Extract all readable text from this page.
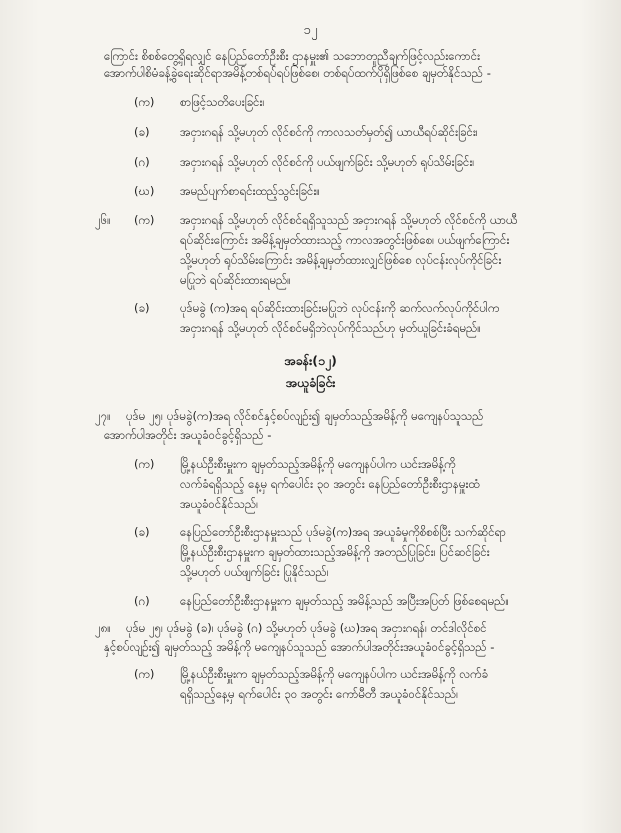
၁၂
ကြောင်း စိစစ်တွေ့ရှိရလျှင် နေပြည်တော်ဦးစီး ဌာနမှူး၏ သဘောတူညီချက်ဖြင့်လည်းကောင်း
အောက်ပါစိမံခန့်ခွဲရေးဆိုင်ရာအမိန့်တစ်ရပ်ရပ်ဖြစ်စေ၊ တစ်ရပ်ထက်ပိုရှိဖြစ်စေ ချမှတ်နိုင်သည် -
(က) စာဖြင့်သတိပေးခြင်း၊
(ခ)	အငှားဂရန် သို့မဟုတ် လိုင်စင်ကို ကာလသတ်မှတ်၍ ယာယီရပ်ဆိုင်းခြင်း၊
(ဂ)	အငှားဂရန် သို့မဟုတ် လိုင်စင်ကို ပယ်ဖျက်ခြင်း သို့မဟုတ် ရုပ်သိမ်းခြင်း၊
(ဃ) အမည်ပျက်စာရင်းထည့်သွင်းခြင်း။
၂၆။ (က) အငှားဂရန် သို့မဟုတ် လိုင်စင်ရရှိသူသည် အငှားဂရန် သို့မဟုတ် လိုင်စင်ကို ယာယီ
ရပ်ဆိုင်းကြောင်း အမိန့်ချမှတ်ထားသည့် ကာလအတွင်းဖြစ်စေ၊ ပယ်ဖျက်ကြောင်း
သို့မဟုတ် ရုပ်သိမ်းကြောင်း အမိန့်ချမှတ်ထားလျှင်ဖြစ်စေ လုပ်ငန်းလုပ်ကိုင်ခြင်း
မပြုဘဲ ရပ်ဆိုင်းထားရမည်။
(ခ)	ပုဒ်မခွဲ (က)အရ ရပ်ဆိုင်းထားခြင်းမပြုဘဲ လုပ်ငန်းကို ဆက်လက်လုပ်ကိုင်ပါက
အငှားဂရန် သို့မဟုတ် လိုင်စင်မရှိဘဲလုပ်ကိုင်သည်ဟု မှတ်ယူခြင်းခံရမည်။
အခန်း(၁၂)
အယူခံခြင်း
၂၇။ ပုဒ်မ ၂၅၊ ပုဒ်မခွဲ(က)အရ လိုင်စင်နှင့်စပ်လျဉ်း၍ ချမှတ်သည့်အမိန့်ကို မကျေနပ်သူသည်
အောက်ပါအတိုင်း အယူခံဝင်ခွင့်ရှိသည် -
(က) မြို့နယ်ဦးစီးမှူးက ချမှတ်သည့်အမိန့်ကို မကျေနပ်ပါက ယင်းအမိန့်ကို
လက်ခံရရှိသည့် နေ့မှ ရက်ပေါင်း ၃၀ အတွင်း နေပြည်တော်ဦးစီးဌာနမှူးထံ
အယူခံဝင်နိုင်သည်၊
(ခ)	နေပြည်တော်ဦးစီးဌာနမှူးသည် ပုဒ်မခွဲ(က)အရ အယူခံမှုကိုစိစစ်ပြီး သက်ဆိုင်ရာ
မြို့နယ်ဦးစီးဌာနမှူးက ချမှတ်ထားသည့်အမိန့်ကို အတည်ပြုခြင်း၊ ပြင်ဆင်ခြင်း
သို့မဟုတ် ပယ်ဖျက်ခြင်း ပြုနိုင်သည်၊
(ဂ)	နေပြည်တော်ဦးစီးဌာနမှူးက ချမှတ်သည့် အမိန့်သည် အပြီးအပြတ် ဖြစ်စေရမည်။
၂၈။ ပုဒ်မ ၂၅၊ ပုဒ်မခွဲ (ခ)၊ ပုဒ်မခွဲ (ဂ) သို့မဟုတ် ပုဒ်မခွဲ (ဃ)အရ အငှားဂရန်၊ တင်ဒါလိုင်စင်
နှင့်စပ်လျဉ်း၍ ချမှတ်သည့် အမိန့်ကို မကျေနပ်သူသည် အောက်ပါအတိုင်းအယူခံဝင်ခွင့်ရှိသည် -
(က) မြို့နယ်ဦးစီးမှူးက ချမှတ်သည့်အမိန့်ကို မကျေနပ်ပါက ယင်းအမိန့်ကို လက်ခံ
ရရှိသည့်နေ့မှ ရက်ပေါင်း ၃၀ အတွင်း ကော်မီတီ အယူခံဝင်နိုင်သည်၊
